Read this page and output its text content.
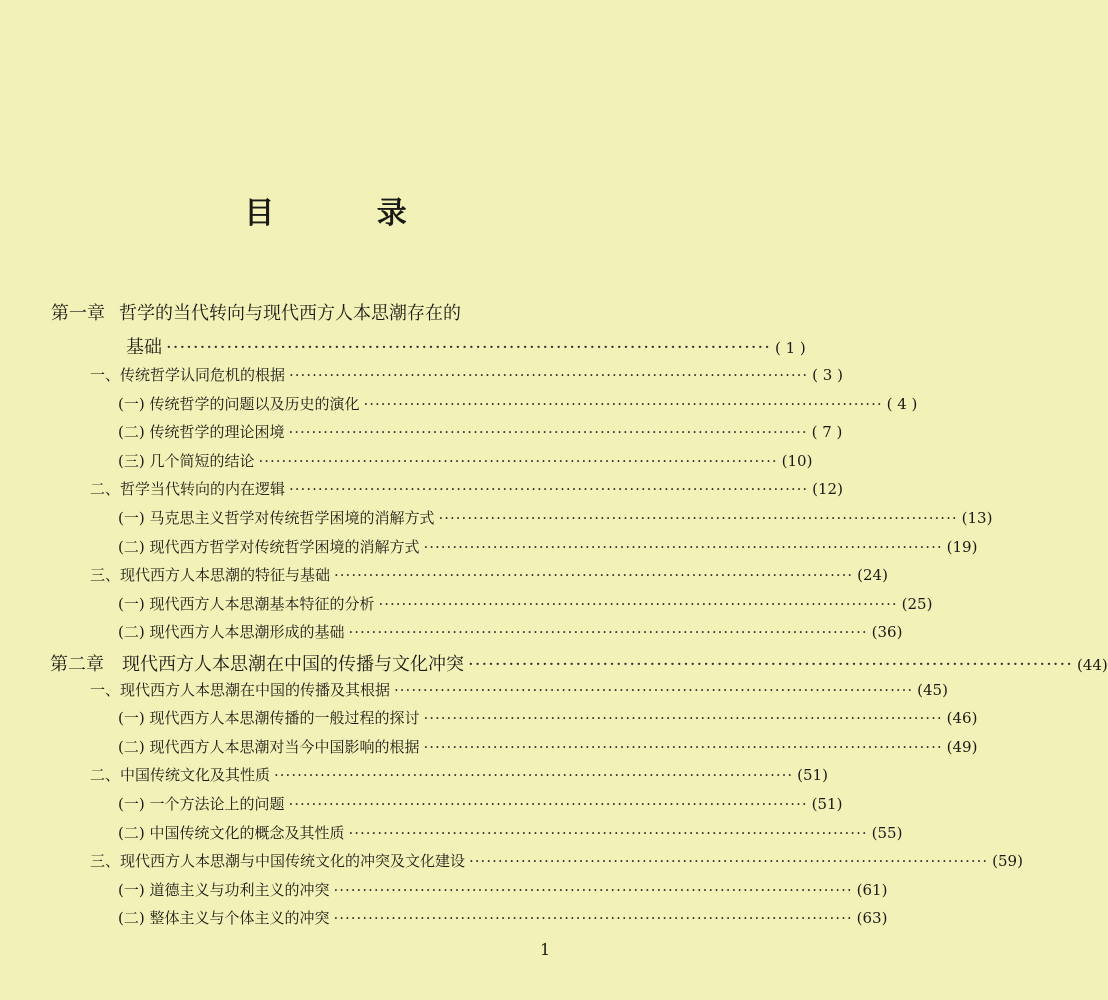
目 录
第一章 哲学的当代转向与现代西方人本思潮存在的
基础 ·························································································· ( 1 )
一、传统哲学认同危机的根据 ·························································································· ( 3 )
(一) 传统哲学的问题以及历史的演化 ·························································································· ( 4 )
(二) 传统哲学的理论困境 ·························································································· ( 7 )
(三) 几个简短的结论 ·························································································· (10)
二、哲学当代转向的内在逻辑 ·························································································· (12)
(一) 马克思主义哲学对传统哲学困境的消解方式 ·························································································· (13)
(二) 现代西方哲学对传统哲学困境的消解方式 ·························································································· (19)
三、现代西方人本思潮的特征与基础 ·························································································· (24)
(一) 现代西方人本思潮基本特征的分析 ·························································································· (25)
(二) 现代西方人本思潮形成的基础 ·························································································· (36)
第二章　现代西方人本思潮在中国的传播与文化冲突 ·························································································· (44)
一、现代西方人本思潮在中国的传播及其根据 ·························································································· (45)
(一) 现代西方人本思潮传播的一般过程的探讨 ·························································································· (46)
(二) 现代西方人本思潮对当今中国影响的根据 ·························································································· (49)
二、中国传统文化及其性质 ·························································································· (51)
(一) 一个方法论上的问题 ·························································································· (51)
(二) 中国传统文化的概念及其性质 ·························································································· (55)
三、现代西方人本思潮与中国传统文化的冲突及文化建设 ·························································································· (59)
(一) 道德主义与功利主义的冲突 ·························································································· (61)
(二) 整体主义与个体主义的冲突 ·························································································· (63)
1
